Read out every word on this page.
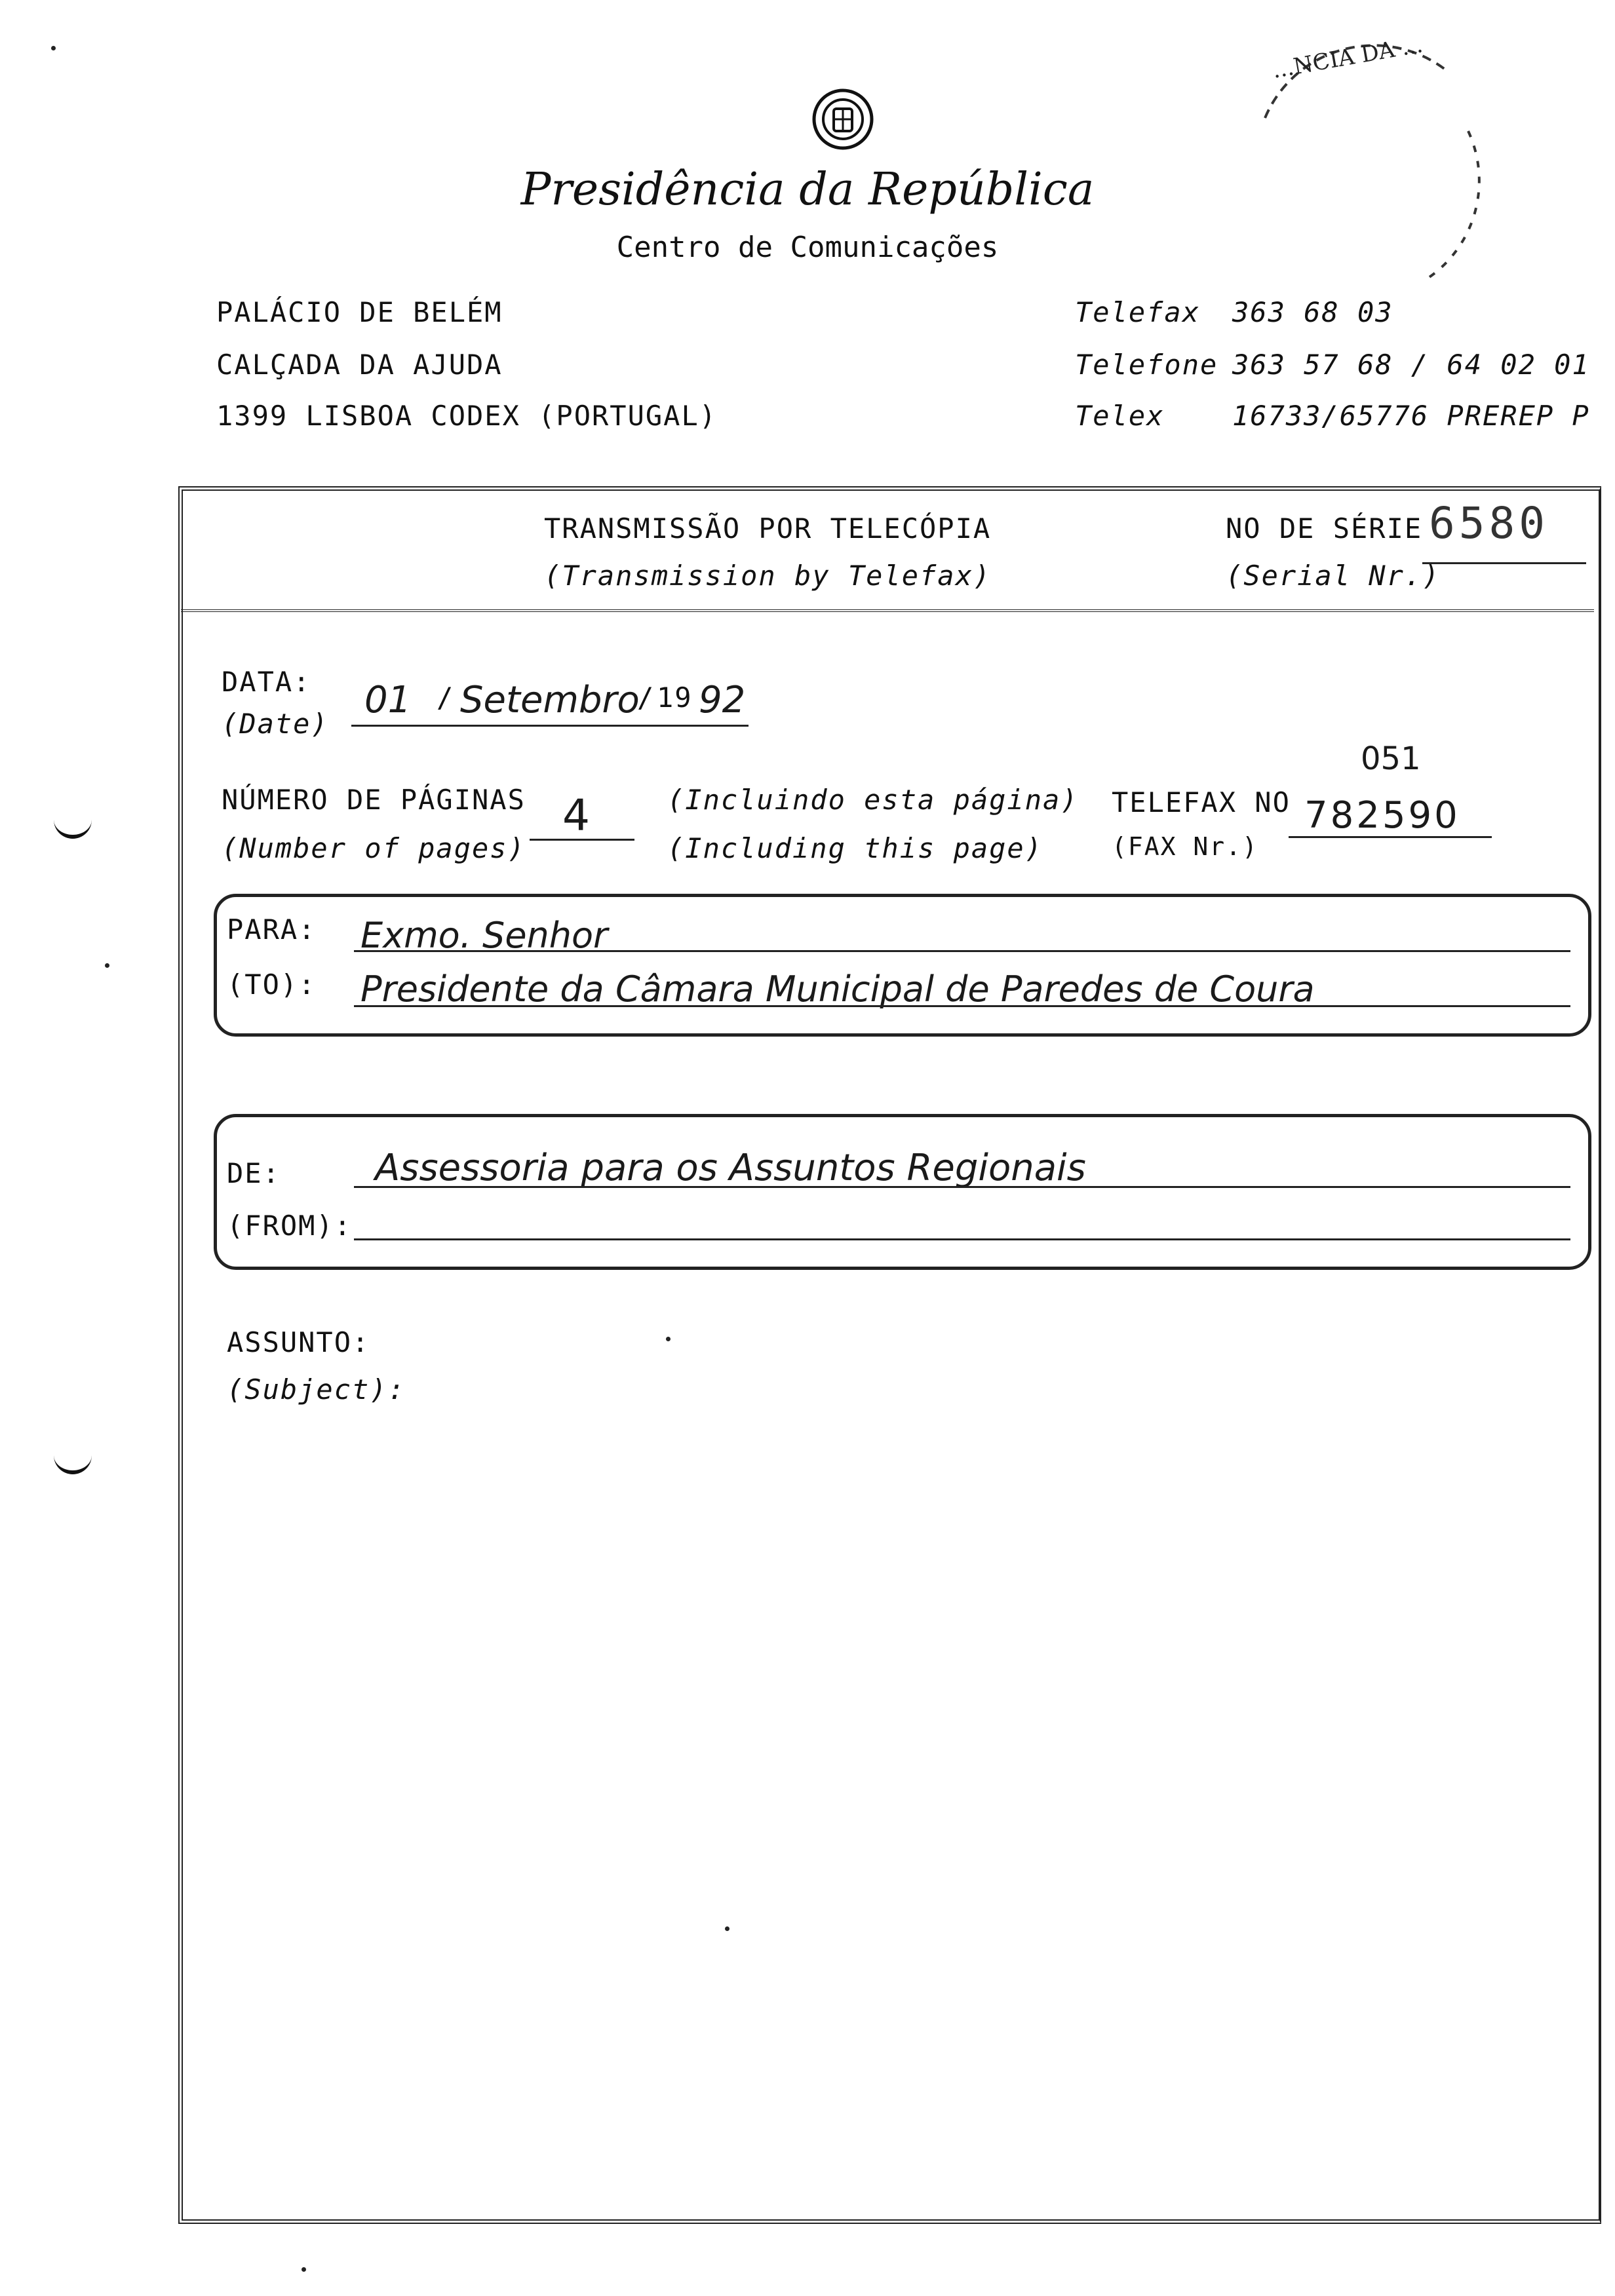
Presidência da República
Centro de Comunicações
...NCIA DA ...
PALÁCIO DE BELÉM
CALÇADA DA AJUDA
1399 LISBOA CODEX (PORTUGAL)
Telefax 363 68 03
Telefone 363 57 68 / 64 02 01
Telex 16733/65776 PREREP P
TRANSMISSÃO POR TELECÓPIA
(Transmission by Telefax)
NO DE SÉRIE
(Serial Nr.)
6580
DATA:
(Date)
01 / Setembro
/ 19 92
NÚMERO DE PÁGINAS
(Number of pages)
4	(Incluindo esta página)
(Including this page)
TELEFAX NO
(FAX Nr.)
051
782590
PARA:
(TO):
Exmo. Senhor
Presidente da Câmara Municipal de Paredes de Coura
DE:
(FROM):
Assessoria para os Assuntos Regionais
ASSUNTO:
(Subject):
